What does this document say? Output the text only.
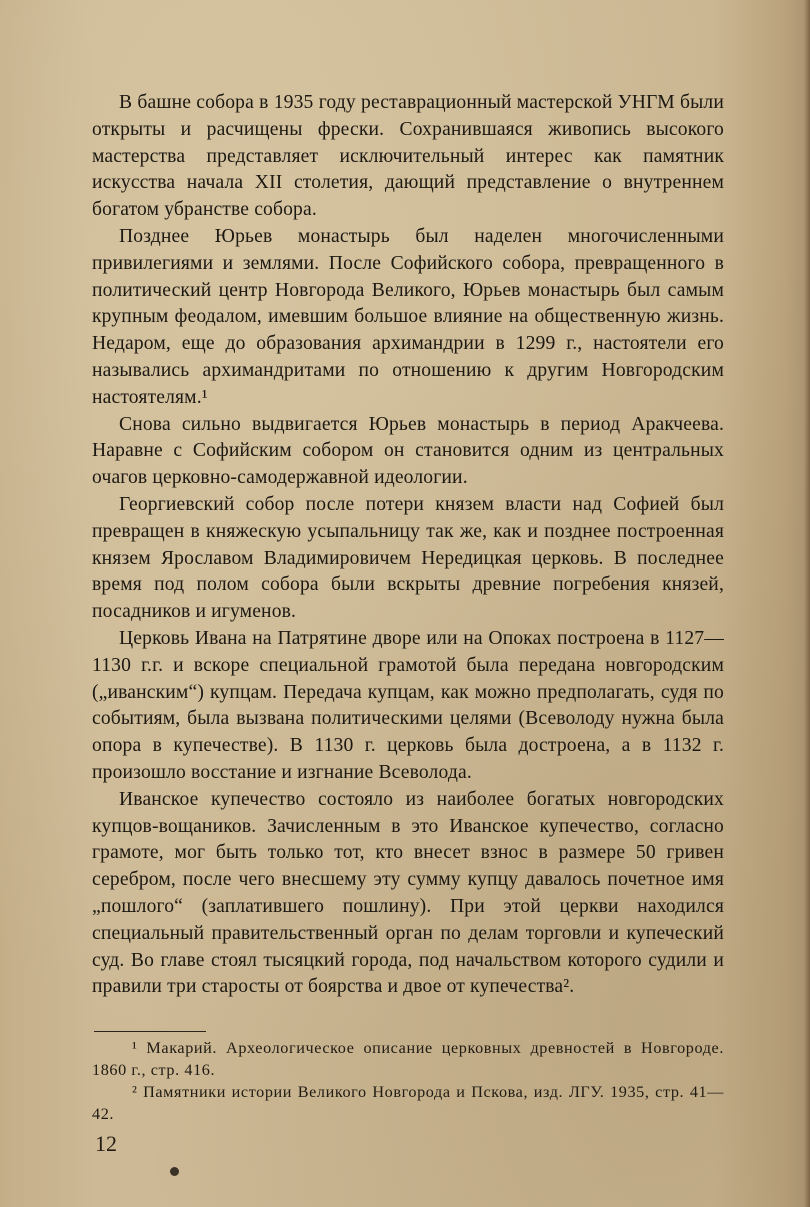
В башне собора в 1935 году реставрационный мастерской УНГМ были открыты и расчищены фрески. Сохранившаяся живопись высокого мастерства представляет исключительный интерес как памятник искусства начала XII столетия, дающий представление о внутреннем богатом убранстве собора.

Позднее Юрьев монастырь был наделен многочисленными привилегиями и землями. После Софийского собора, превращенного в политический центр Новгорода Великого, Юрьев монастырь был самым крупным феодалом, имевшим большое влияние на общественную жизнь. Недаром, еще до образования архимандрии в 1299 г., настоятели его назывались архимандритами по отношению к другим Новгородским настоятелям.¹

Снова сильно выдвигается Юрьев монастырь в период Аракчеева. Наравне с Софийским собором он становится одним из центральных очагов церковно-самодержавной идеологии.

Георгиевский собор после потери князем власти над Софией был превращен в княжескую усыпальницу так же, как и позднее построенная князем Ярославом Владимировичем Нередицкая церковь. В последнее время под полом собора были вскрыты древние погребения князей, посадников и игуменов.

Церковь Ивана на Патрятине дворе или на Опоках построена в 1127—1130 г.г. и вскоре специальной грамотой была передана новгородским („иванским“) купцам. Передача купцам, как можно предполагать, судя по событиям, была вызвана политическими целями (Всеволоду нужна была опора в купечестве). В 1130 г. церковь была достроена, а в 1132 г. произошло восстание и изгнание Всеволода.

Иванское купечество состояло из наиболее богатых новгородских купцов-вощаников. Зачисленным в это Иванское купечество, согласно грамоте, мог быть только тот, кто внесет взнос в размере 50 гривен серебром, после чего внесшему эту сумму купцу давалось почетное имя „пошлого“ (заплатившего пошлину). При этой церкви находился специальный правительственный орган по делам торговли и купеческий суд. Во главе стоял тысяцкий города, под начальством которого судили и правили три старосты от боярства и двое от купечества².

¹ Макарий. Археологическое описание церковных древностей в Новгороде. 1860 г., стр. 416.

² Памятники истории Великого Новгорода и Пскова, изд. ЛГУ. 1935, стр. 41—42.

12
